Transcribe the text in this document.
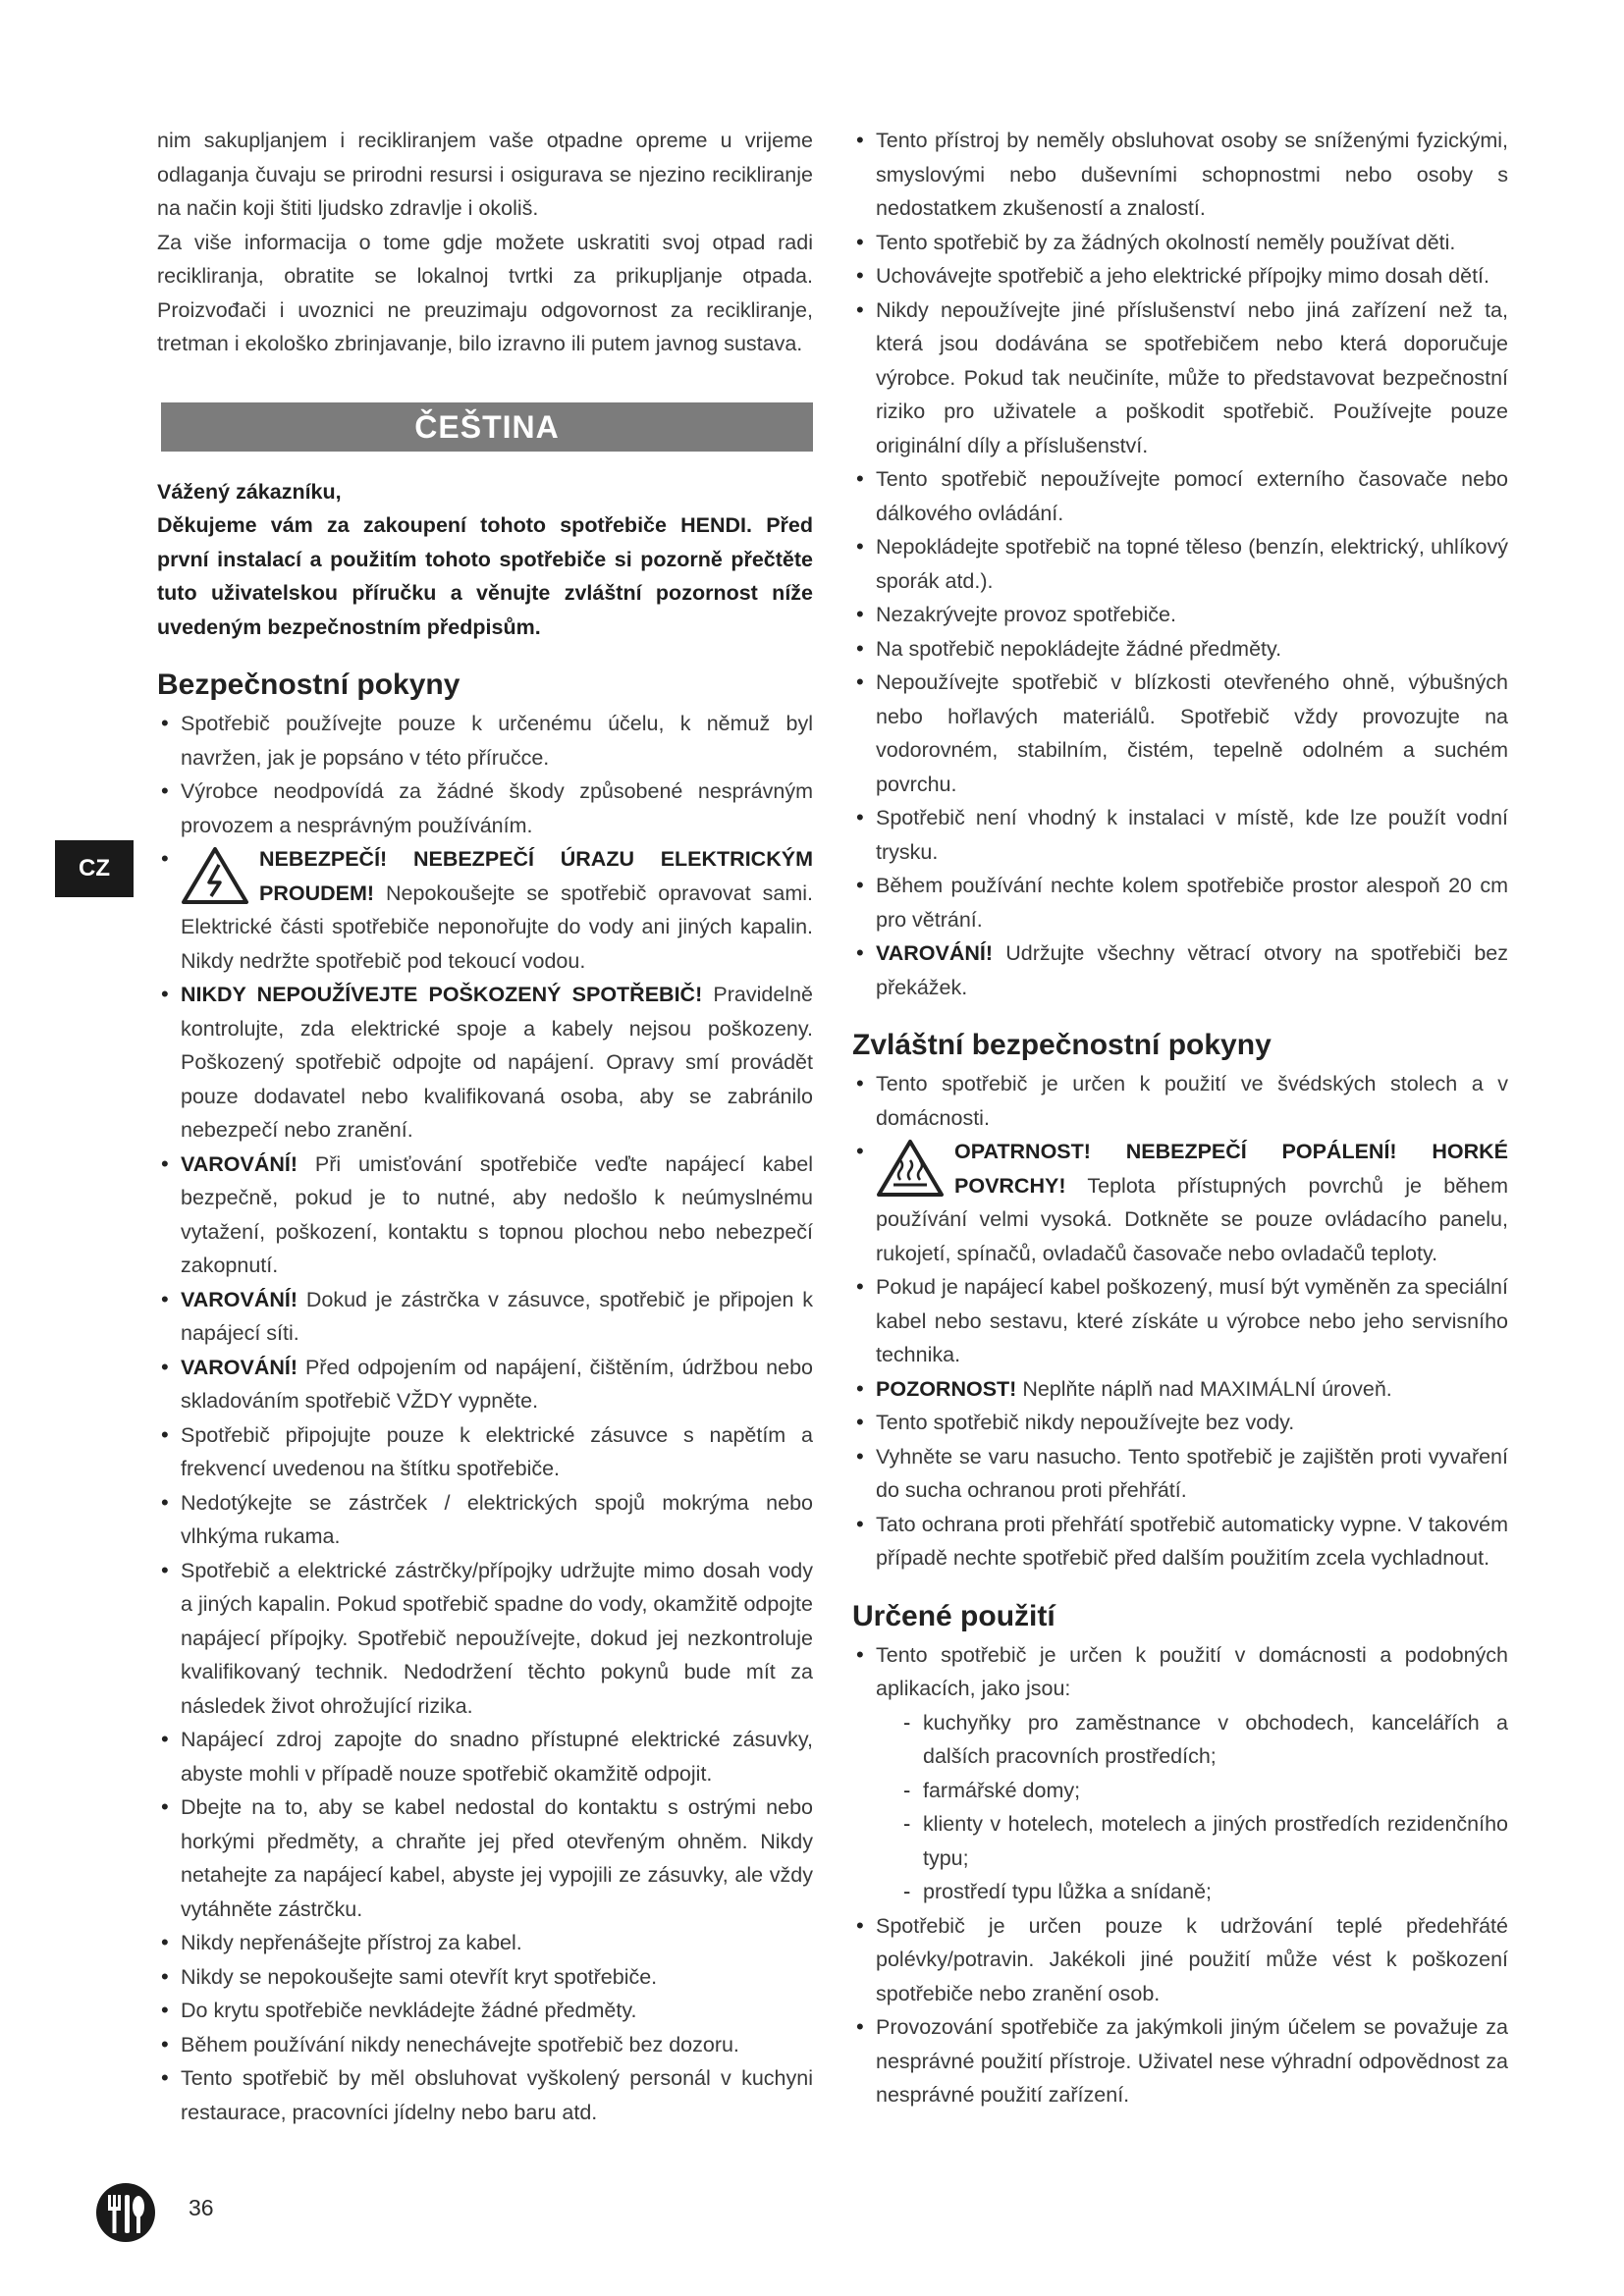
nim sakupljanjem i recikliranjem vaše otpadne opreme u vrijeme odlaganja čuvaju se prirodni resursi i osigurava se njezino recikliranje na način koji štiti ljudsko zdravlje i okoliš.

Za više informacija o tome gdje možete uskratiti svoj otpad radi recikliranja, obratite se lokalnoj tvrtki za prikupljanje otpada. Proizvođači i uvoznici ne preuzimaju odgovornost za recikliranje, tretman i ekološko zbrinjavanje, bilo izravno ili putem javnog sustava.

ČEŠTINA
Vážený zákazníku,
Děkujeme vám za zakoupení tohoto spotřebiče HENDI. Před první instalací a použitím tohoto spotřebiče si pozorně přečtěte tuto uživatelskou příručku a věnujte zvláštní pozornost níže uvedeným bezpečnostním předpisům.
Bezpečnostní pokyny
• Spotřebič používejte pouze k určenému účelu, k němuž byl navržen, jak je popsáno v této příručce.
• Výrobce neodpovídá za žádné škody způsobené nesprávným provozem a nesprávným používáním.
• NEBEZPEČÍ! NEBEZPEČÍ ÚRAZU ELEKTRICKÝM PROUDEM! Nepokoušejte se spotřebič opravovat sami. Elektrické části spotřebiče neponořujte do vody ani jiných kapalin. Nikdy nedržte spotřebič pod tekoucí vodou.
• NIKDY NEPOUŽÍVEJTE POŠKOZENÝ SPOTŘEBIČ! Pravidelně kontrolujte, zda elektrické spoje a kabely nejsou poškozeny. Poškozený spotřebič odpojte od napájení. Opravy smí provádět pouze dodavatel nebo kvalifikovaná osoba, aby se zabránilo nebezpečí nebo zranění.
• VAROVÁNÍ! Při umisťování spotřebiče veďte napájecí kabel bezpečně, pokud je to nutné, aby nedošlo k neúmyslnému vytažení, poškození, kontaktu s topnou plochou nebo nebezpečí zakopnutí.
• VAROVÁNÍ! Dokud je zástrčka v zásuvce, spotřebič je připojen k napájecí síti.
• VAROVÁNÍ! Před odpojením od napájení, čištěním, údržbou nebo skladováním spotřebič VŽDY vypněte.
• Spotřebič připojujte pouze k elektrické zásuvce s napětím a frekvencí uvedenou na štítku spotřebiče.
• Nedotýkejte se zástrček / elektrických spojů mokrýma nebo vlhkýma rukama.
• Spotřebič a elektrické zástrčky/přípojky udržujte mimo dosah vody a jiných kapalin. Pokud spotřebič spadne do vody, okamžitě odpojte napájecí přípojky. Spotřebič nepoužívejte, dokud jej nezkontroluje kvalifikovaný technik. Nedodržení těchto pokynů bude mít za následek život ohrožující rizika.
• Napájecí zdroj zapojte do snadno přístupné elektrické zásuvky, abyste mohli v případě nouze spotřebič okamžitě odpojit.
• Dbejte na to, aby se kabel nedostal do kontaktu s ostrými nebo horkými předměty, a chraňte jej před otevřeným ohněm. Nikdy netahejte za napájecí kabel, abyste jej vypojili ze zásuvky, ale vždy vytáhněte zástrčku.
• Nikdy nepřenášejte přístroj za kabel.
• Nikdy se nepokoušejte sami otevřít kryt spotřebiče.
• Do krytu spotřebiče nevkládejte žádné předměty.
• Během používání nikdy nenechávejte spotřebič bez dozoru.
• Tento spotřebič by měl obsluhovat vyškolený personál v kuchyni restaurace, pracovníci jídelny nebo baru atd.
• Tento přístroj by neměly obsluhovat osoby se sníženými fyzickými, smyslovými nebo duševními schopnostmi nebo osoby s nedostatkem zkušeností a znalostí.
• Tento spotřebič by za žádných okolností neměly používat děti.
• Uchovávejte spotřebič a jeho elektrické přípojky mimo dosah dětí.
• Nikdy nepoužívejte jiné příslušenství nebo jiná zařízení než ta, která jsou dodávána se spotřebičem nebo která doporučuje výrobce. Pokud tak neučiníte, může to představovat bezpečnostní riziko pro uživatele a poškodit spotřebič. Používejte pouze originální díly a příslušenství.
• Tento spotřebič nepoužívejte pomocí externího časovače nebo dálkového ovládání.
• Nepokládejte spotřebič na topné těleso (benzín, elektrický, uhlíkový sporák atd.).
• Nezakrývejte provoz spotřebiče.
• Na spotřebič nepokládejte žádné předměty.
• Nepoužívejte spotřebič v blízkosti otevřeného ohně, výbušných nebo hořlavých materiálů. Spotřebič vždy provozujte na vodorovném, stabilním, čistém, tepelně odolném a suchém povrchu.
• Spotřebič není vhodný k instalaci v místě, kde lze použít vodní trysku.
• Během používání nechte kolem spotřebiče prostor alespoň 20 cm pro větrání.
• VAROVÁNÍ! Udržujte všechny větrací otvory na spotřebiči bez překážek.
Zvláštní bezpečnostní pokyny
• Tento spotřebič je určen k použití ve švédských stolech a v domácnosti.
• OPATRNOST! NEBEZPEČÍ POPÁLENÍ! HORKÉ POVRCHY! Teplota přístupných povrchů je během používání velmi vysoká. Dotkněte se pouze ovládacího panelu, rukojetí, spínačů, ovladačů časovače nebo ovladačů teploty.
• Pokud je napájecí kabel poškozený, musí být vyměněn za speciální kabel nebo sestavu, které získáte u výrobce nebo jeho servisního technika.
• POZORNOST! Neplňte náplň nad MAXIMÁLNÍ úroveň.
• Tento spotřebič nikdy nepoužívejte bez vody.
• Vyhněte se varu nasucho. Tento spotřebič je zajištěn proti vyvaření do sucha ochranou proti přehřátí.
• Tato ochrana proti přehřátí spotřebič automaticky vypne. V takovém případě nechte spotřebič před dalším použitím zcela vychladnout.
Určené použití
• Tento spotřebič je určen k použití v domácnosti a podobných aplikacích, jako jsou:
- kuchyňky pro zaměstnance v obchodech, kancelářích a dalších pracovních prostředích;
- farmářské domy;
- klienty v hotelech, motelech a jiných prostředích rezidenčního typu;
- prostředí typu lůžka a snídaně;
• Spotřebič je určen pouze k udržování teplé předehřáté polévky/potravin. Jakékoli jiné použití může vést k poškození spotřebiče nebo zranění osob.
• Provozování spotřebiče za jakýmkoli jiným účelem se považuje za nesprávné použití přístroje. Uživatel nese výhradní odpovědnost za nesprávné použití zařízení.
CZ
36
